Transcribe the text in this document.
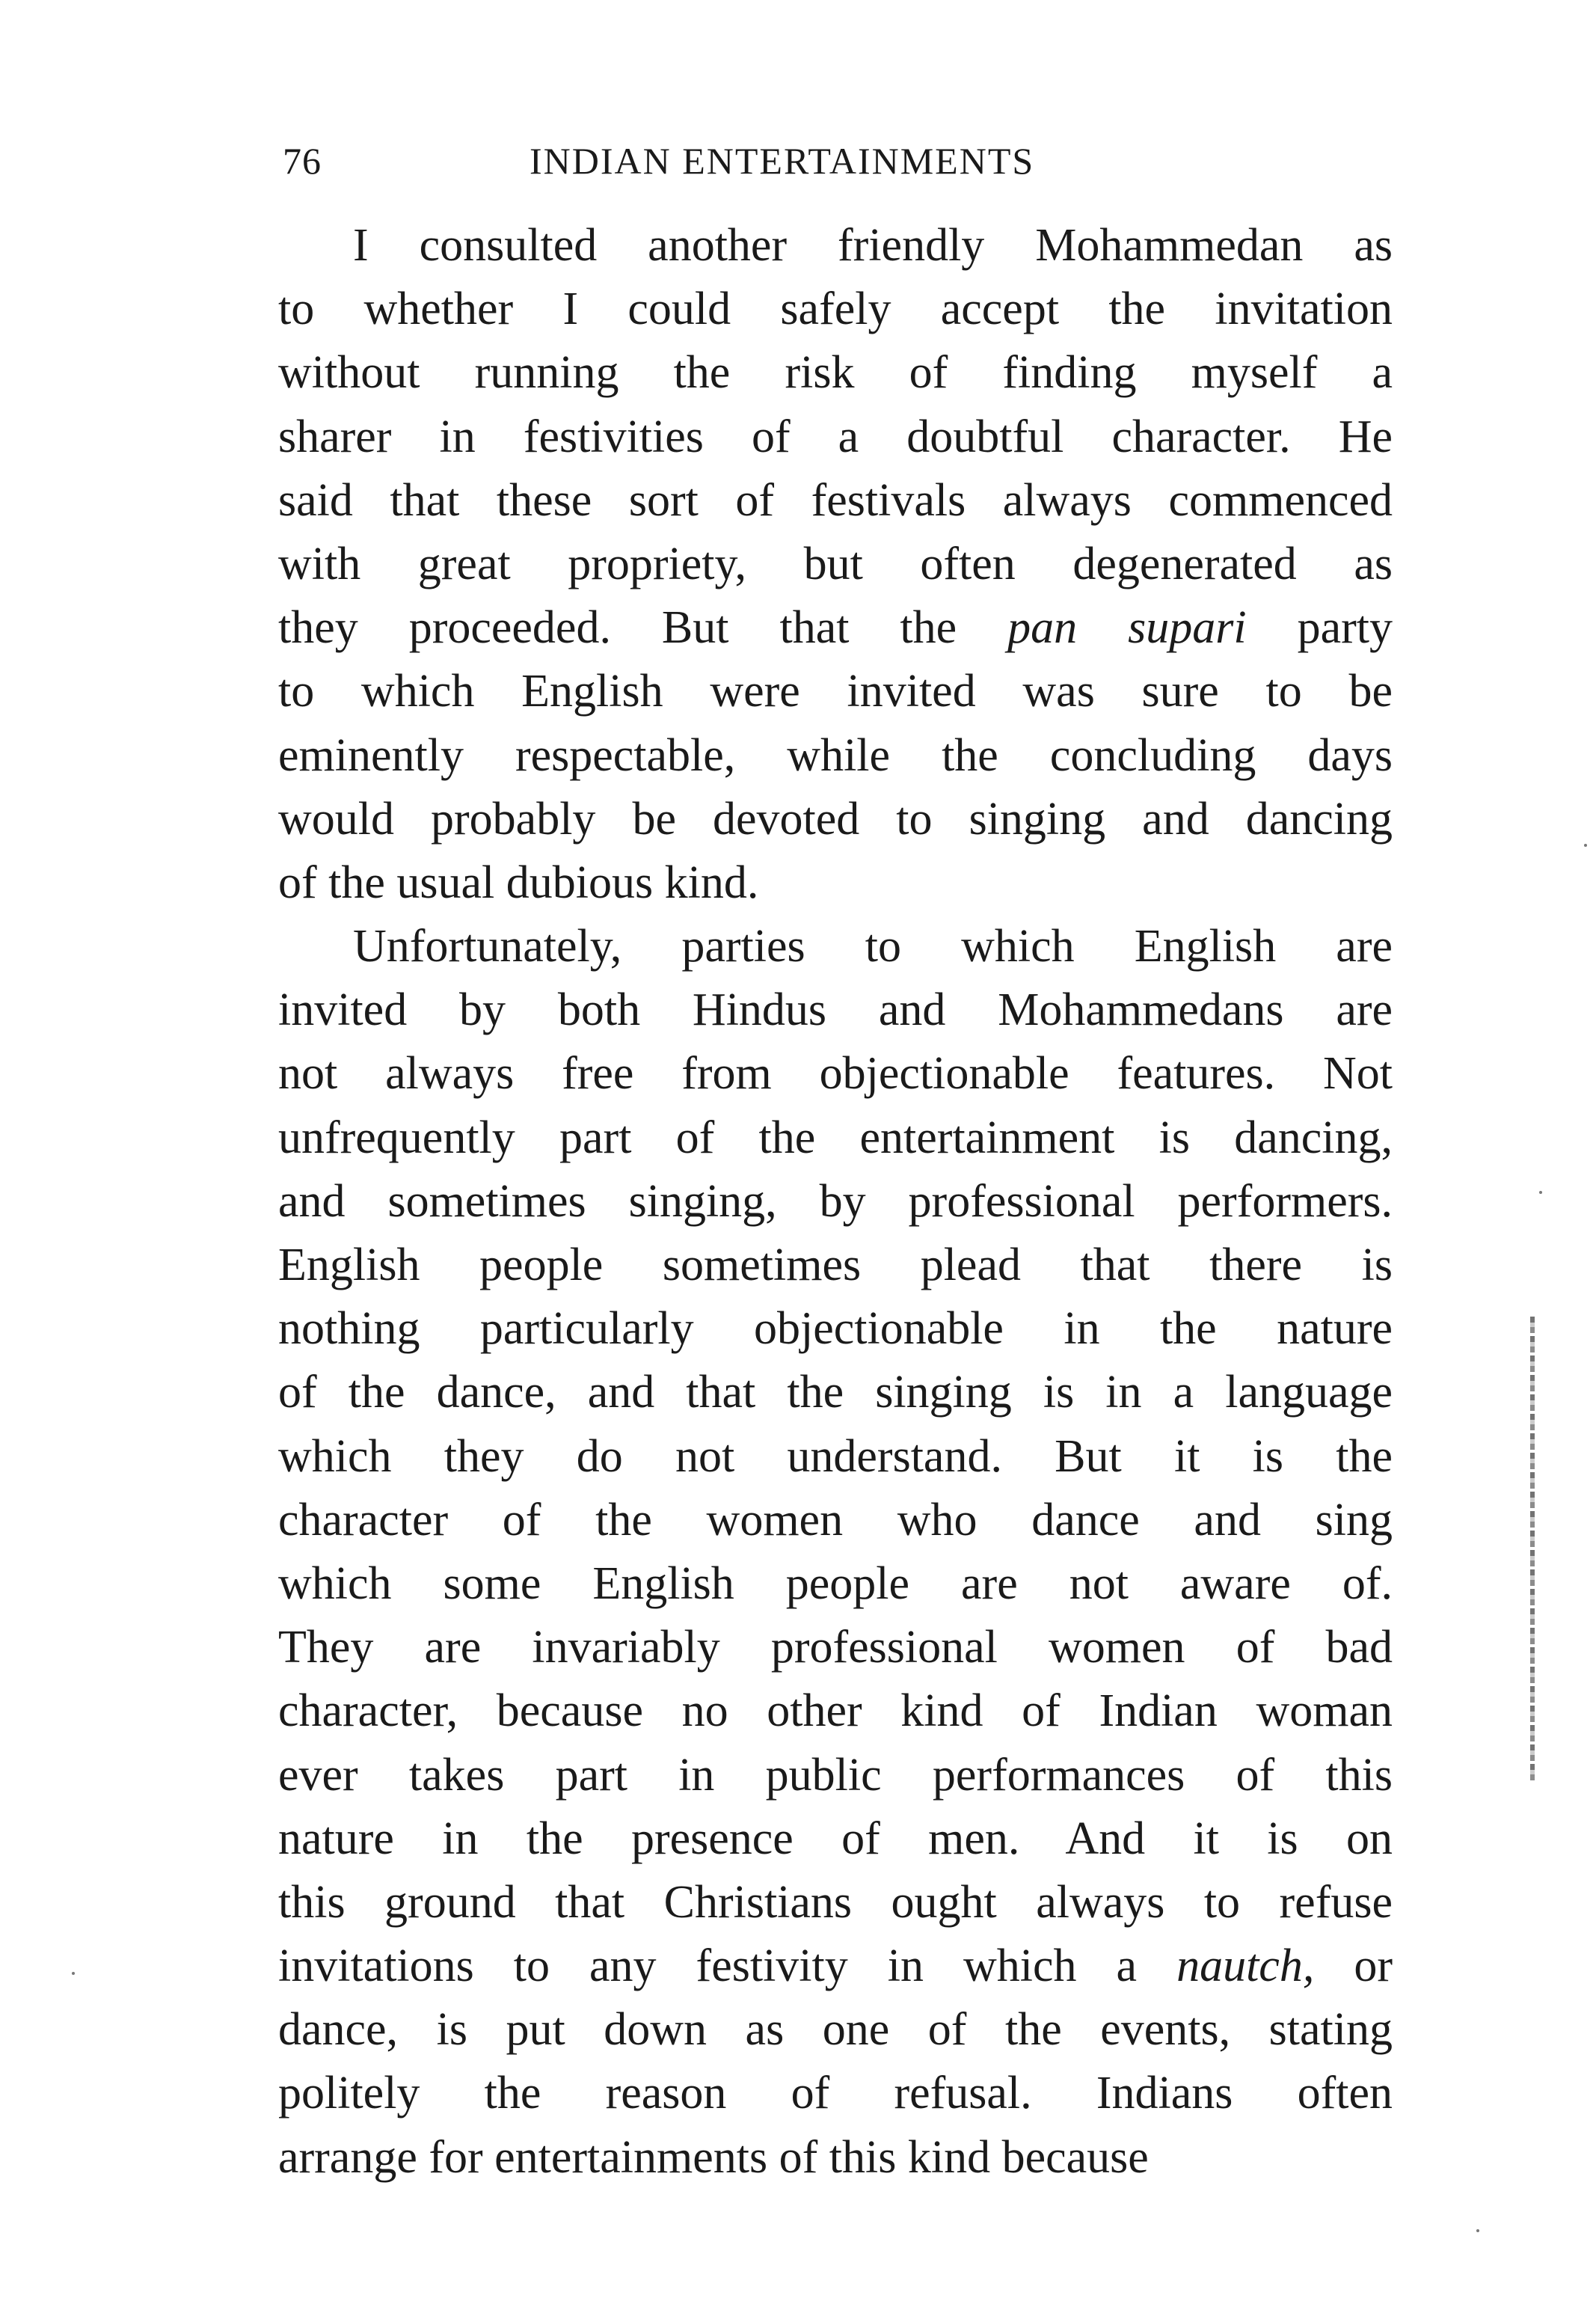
76	INDIAN ENTERTAINMENTS
I consulted another friendly Mohammedan as
to whether I could safely accept the invitation
without running the risk of finding myself a
sharer in festivities of a doubtful character. He
said that these sort of festivals always commenced
with great propriety, but often degenerated as
they proceeded. But that the pan supari party
to which English were invited was sure to be
eminently respectable, while the concluding days
would probably be devoted to singing and dancing
of the usual dubious kind.
Unfortunately, parties to which English are
invited by both Hindus and Mohammedans are
not always free from objectionable features. Not
unfrequently part of the entertainment is dancing,
and sometimes singing, by professional performers.
English people sometimes plead that there is
nothing particularly objectionable in the nature
of the dance, and that the singing is in a language
which they do not understand. But it is the
character of the women who dance and sing
which some English people are not aware of.
They are invariably professional women of bad
character, because no other kind of Indian woman
ever takes part in public performances of this
nature in the presence of men. And it is on
this ground that Christians ought always to refuse
invitations to any festivity in which a nautch, or
dance, is put down as one of the events, stating
politely the reason of refusal. Indians often
arrange for entertainments of this kind because
